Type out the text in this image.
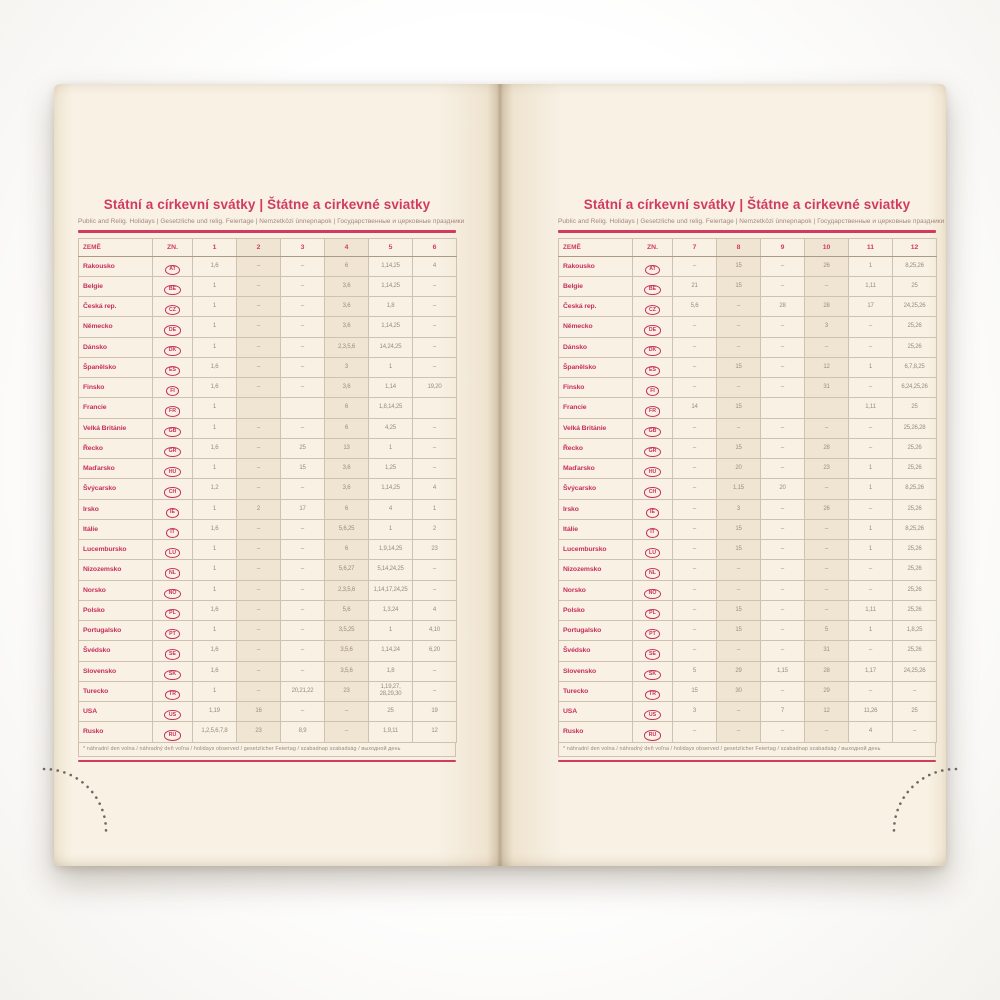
Státní a církevní svátky | Štátne a cirkevné sviatky
Public and Relig. Holidays | Gesetzliche und relig. Feiertage | Nemzetközi ünnepnapok | Государственные и церковные праздники
ZEMĚ	ZN.	1	2	3	4	5	6
Rakousko	AT	1,6	–	–	6	1,14,25	4
Belgie	BE	1	–	–	3,6	1,14,25	–
Česká rep.	CZ	1	–	–	3,6	1,8	–
Německo	DE	1	–	–	3,6	1,14,25	–
Dánsko	DK	1	–	–	2,3,5,6	14,24,25	–
Španělsko	ES	1,6	–	–	3	1	–
Finsko	FI	1,6	–	–	3,6	1,14	19,20
Francie	FR	1			6	1,8,14,25	
Velká Británie	GB	1	–	–	6	4,25	–
Řecko	GR	1,6	–	25	13	1	–
Maďarsko	HU	1	–	15	3,6	1,25	–
Švýcarsko	CH	1,2	–	–	3,6	1,14,25	4
Irsko	IE	1	2	17	6	4	1
Itálie	IT	1,6	–	–	5,6,25	1	2
Lucembursko	LU	1	–	–	6	1,9,14,25	23
Nizozemsko	NL	1	–	–	5,6,27	5,14,24,25	–
Norsko	NO	1	–	–	2,3,5,6	1,14,17,24,25	–
Polsko	PL	1,6	–	–	5,6	1,3,24	4
Portugalsko	PT	1	–	–	3,5,25	1	4,10
Švédsko	SE	1,6	–	–	3,5,6	1,14,24	6,20
Slovensko	SK	1,6	–	–	3,5,6	1,8	–
Turecko	TR	1	–	20,21,22	23	1,19,27, 28,29,30	–
USA	US	1,19	16	–	–	25	19
Rusko	RU	1,2,5,6,7,8	23	8,9	–	1,9,11	12
* náhradní den volna / náhradný deň voľna / holidays observed / gesetzlicher Feiertag / szabadnap szabadság / выходной день
Státní a církevní svátky | Štátne a cirkevné sviatky
Public and Relig. Holidays | Gesetzliche und relig. Feiertage | Nemzetközi ünnepnapok | Государственные и церковные праздники
ZEMĚ	ZN.	7	8	9	10	11	12
Rakousko	AT	–	15	–	26	1	8,25,26
Belgie	BE	21	15	–	–	1,11	25
Česká rep.	CZ	5,6	–	28	28	17	24,25,26
Německo	DE	–	–	–	3	–	25,26
Dánsko	DK	–	–	–	–	–	25,26
Španělsko	ES	–	15	–	12	1	6,7,8,25
Finsko	FI	–	–	–	31	–	6,24,25,26
Francie	FR	14	15			1,11	25
Velká Británie	GB	–	–	–	–	–	25,26,28
Řecko	GR	–	15	–	28	–	25,26
Maďarsko	HU	–	20	–	23	1	25,26
Švýcarsko	CH	–	1,15	20	–	1	8,25,26
Irsko	IE	–	3	–	26	–	25,26
Itálie	IT	–	15	–	–	1	8,25,26
Lucembursko	LU	–	15	–	–	1	25,26
Nizozemsko	NL	–	–	–	–	–	25,26
Norsko	NO	–	–	–	–	–	25,26
Polsko	PL	–	15	–	–	1,11	25,26
Portugalsko	PT	–	15	–	5	1	1,8,25
Švédsko	SE	–	–	–	31	–	25,26
Slovensko	SK	5	29	1,15	28	1,17	24,25,26
Turecko	TR	15	30	–	29	–	–
USA	US	3	–	7	12	11,26	25
Rusko	RU	–	–	–	–	4	–
* náhradní den volna / náhradný deň voľna / holidays observed / gesetzlicher Feiertag / szabadnap szabadság / выходной день
